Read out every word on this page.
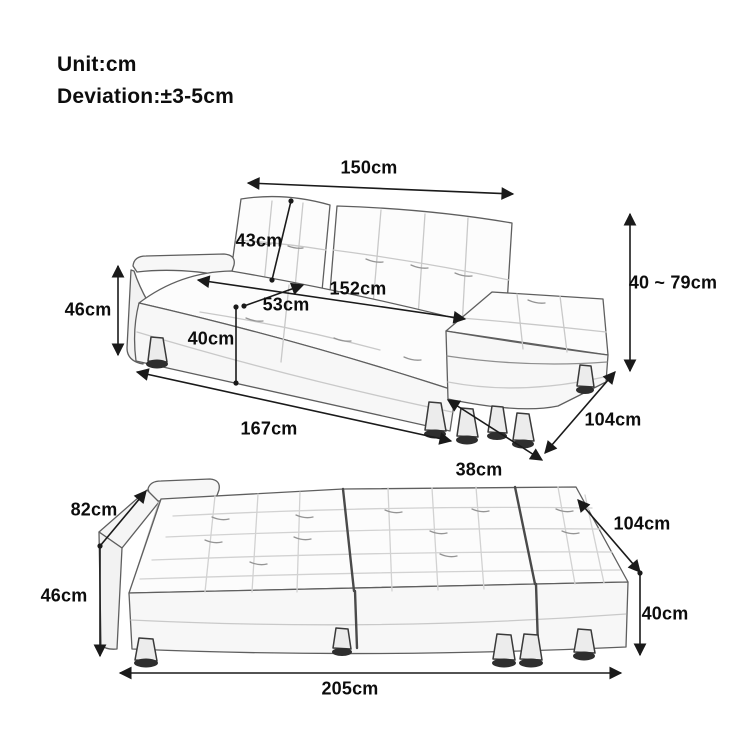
Unit:cm
Deviation:±3-5cm
150cm
43cm
46cm
152cm
53cm
40cm
167cm
40 ~ 79cm
104cm
38cm
82cm
46cm
104cm
40cm
205cm
